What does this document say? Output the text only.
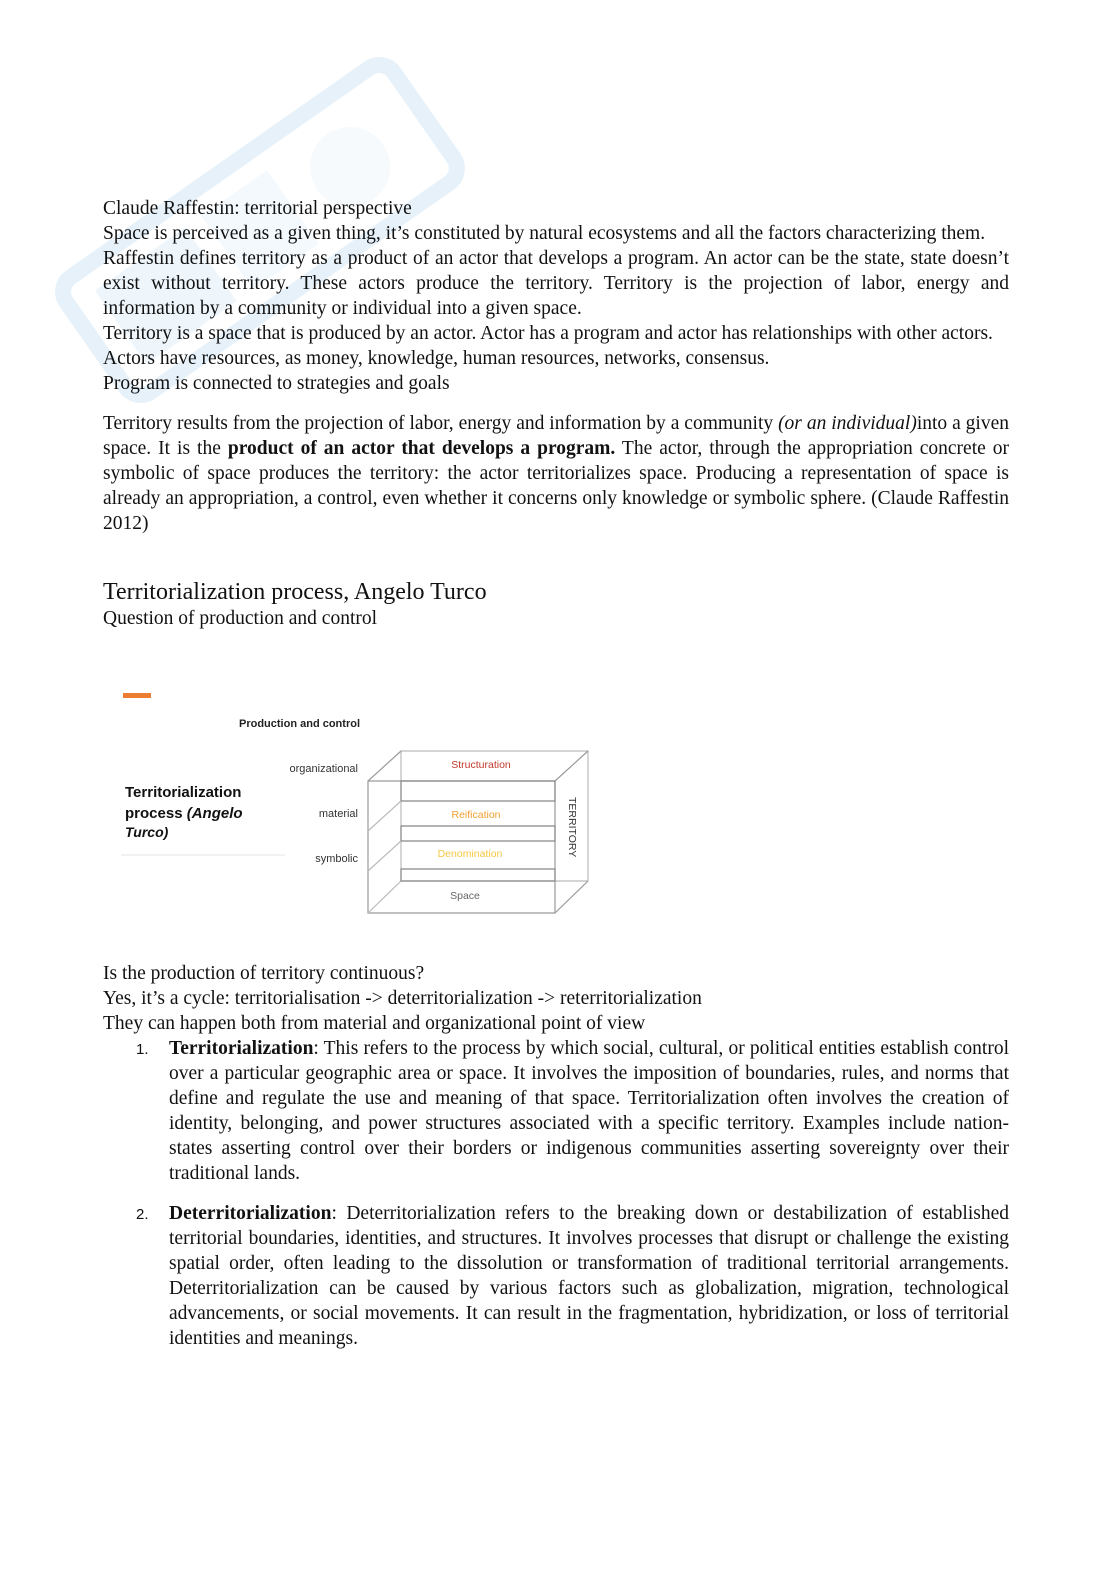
Claude Raffestin: territorial perspective

Space is perceived as a given thing, it’s constituted by natural ecosystems and all the factors characterizing them.

Raffestin defines territory as a product of an actor that develops a program. An actor can be the state, state doesn’t exist without territory. These actors produce the territory. Territory is the projection of labor, energy and information by a community or individual into a given space.

Territory is a space that is produced by an actor. Actor has a program and actor has relationships with other actors. Actors have resources, as money, knowledge, human resources, networks, consensus.

Program is connected to strategies and goals

Territory results from the projection of labor, energy and information by a community (or an individual)into a given space. It is the product of an actor that develops a program. The actor, through the appropriation concrete or symbolic of space produces the territory: the actor territorializes space. Producing a representation of space is already an appropriation, a control, even whether it concerns only knowledge or symbolic sphere. (Claude Raffestin 2012)

Territorialization process, Angelo Turco

Question of production and control

Production and control
Territorialization
process (Angelo
Turco)
organizational
material
symbolic
Structuration
Reification
Denomination
Space
TERRITORY

Is the production of territory continuous?

Yes, it’s a cycle: territorialisation -> deterritorialization -> reterritorialization

They can happen both from material and organizational point of view

1. Territorialization: This refers to the process by which social, cultural, or political entities establish control over a particular geographic area or space. It involves the imposition of boundaries, rules, and norms that define and regulate the use and meaning of that space. Territorialization often involves the creation of identity, belonging, and power structures associated with a specific territory. Examples include nation-states asserting control over their borders or indigenous communities asserting sovereignty over their traditional lands.
2. Deterritorialization: Deterritorialization refers to the breaking down or destabilization of established territorial boundaries, identities, and structures. It involves processes that disrupt or challenge the existing spatial order, often leading to the dissolution or transformation of traditional territorial arrangements. Deterritorialization can be caused by various factors such as globalization, migration, technological advancements, or social movements. It can result in the fragmentation, hybridization, or loss of territorial identities and meanings.
